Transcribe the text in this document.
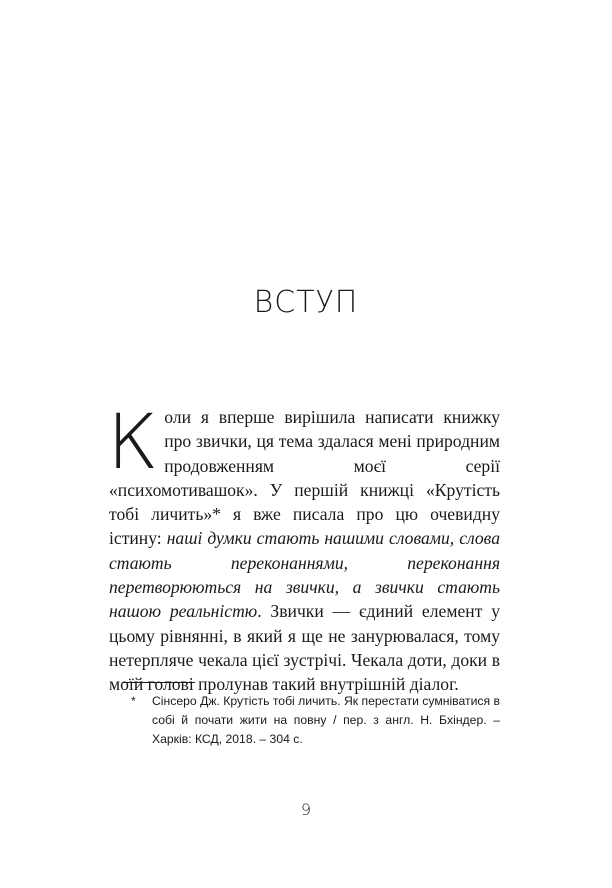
ВСТУП

Коли я вперше вирішила написати книжку про звички, ця тема здалася мені природним продовженням моєї серії «психомотивашок». У першій книжці «Крутість тобі личить»* я вже писала про цю очевидну істину: наші думки стають нашими словами, слова стають переконаннями, переконання перетворюються на звички, а звички стають нашою реальністю. Звички — єдиний елемент у цьому рівнянні, в який я ще не занурювалася, тому нетерпляче чекала цієї зустрічі. Чекала доти, доки в моїй голові пролунав такий внутрішній діалог.

* Сінсеро Дж. Крутість тобі личить. Як перестати сумніватися в собі й почати жити на повну / пер. з англ. Н. Бхіндер. – Харків: КСД, 2018. – 304 с.
9
